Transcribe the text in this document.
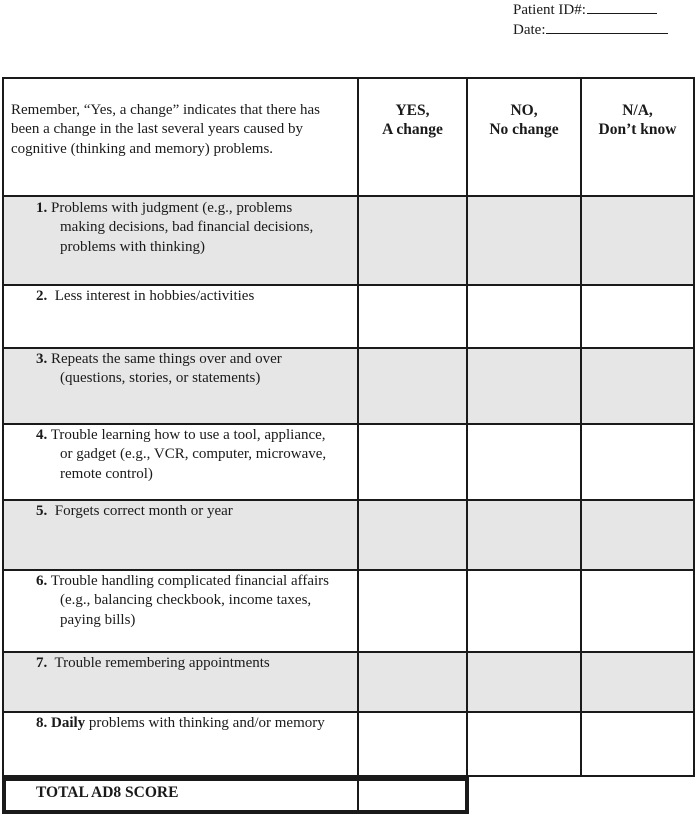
Patient ID#:
Date:
TOTAL AD8 SCORE
Remember, “Yes, a change” indicates that there has been a change in the last several years caused by cognitive (thinking and memory) problems.
YES,
A change
NO,
No change
N/A,
Don’t know
1. Problems with judgment (e.g., problems making decisions, bad financial decisions, problems with thinking)
2. Less interest in hobbies/activities
3. Repeats the same things over and over (questions, stories, or statements)
4. Trouble learning how to use a tool, appliance, or gadget (e.g., VCR, computer, microwave, remote control)
5. Forgets correct month or year
6. Trouble handling complicated financial affairs (e.g., balancing checkbook, income taxes, paying bills)
7. Trouble remembering appointments
8. Daily problems with thinking and/or memory
